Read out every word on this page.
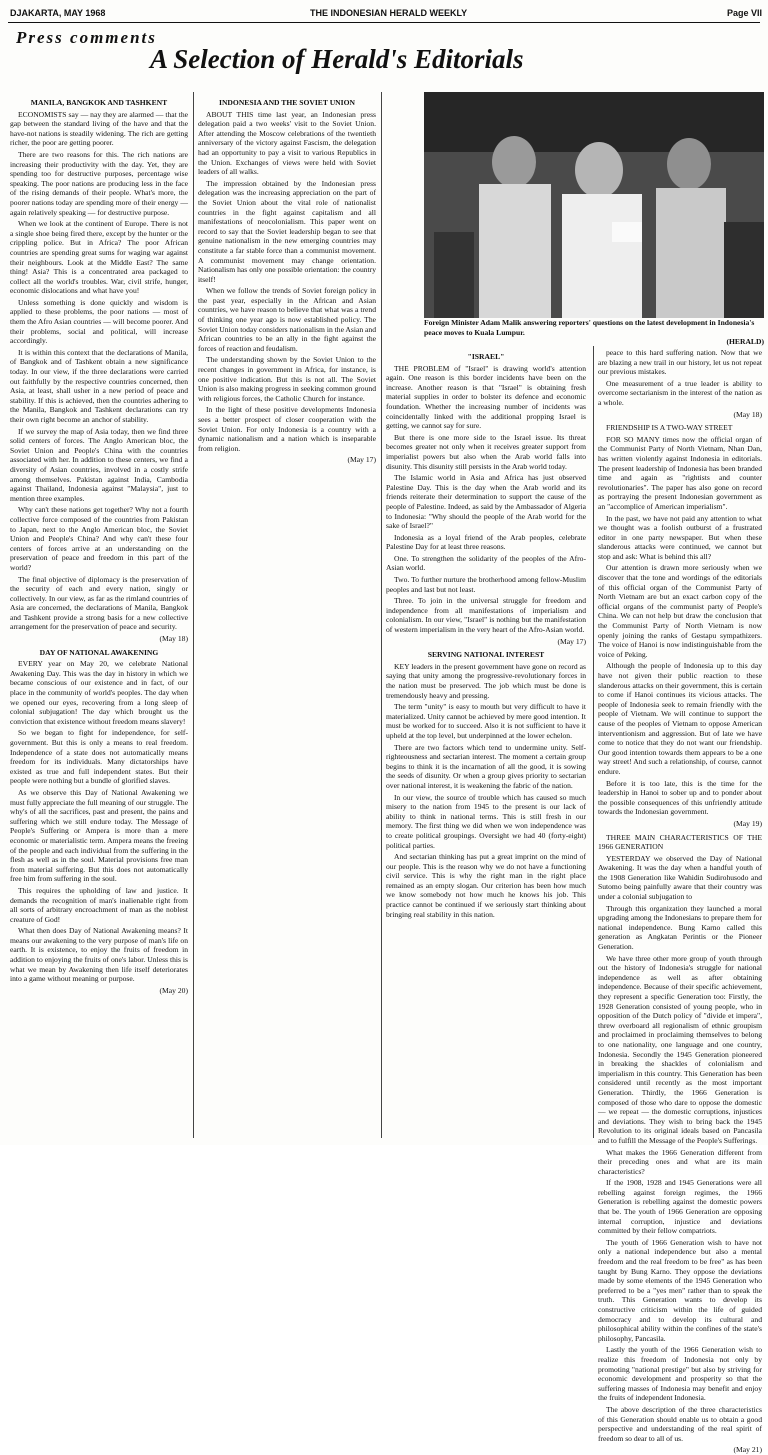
DJAKARTA, MAY 1968	THE INDONESIAN HERALD WEEKLY	Page VII
Press comments
A Selection of Herald's Editorials

MANILA, BANGKOK AND TASHKENT

ECONOMISTS say — nay they are alarmed — that the gap between the standard living of the have and that the have-not nations is steadily widening. The rich are getting richer, the poor are getting poorer.

There are two reasons for this. The rich nations are increasing their productivity with the day. Yet, they are spending too for destructive purposes, percentage wise speaking. The poor nations are producing less in the face of the rising demands of their people. What's more, the poorer nations today are spending more of their energy — again relatively speaking — for destructive purpose.

When we look at the continent of Europe. There is not a single shoe being fired there, except by the hunter or the crippling police. But in Africa? The poor African countries are spending great sums for waging war against their neighbours. Look at the Middle East? The same thing! Asia? This is a concentrated area packaged to collect all the world's troubles. War, civil strife, hunger, economic dislocations and what have you!

Unless something is done quickly and wisdom is applied to these problems, the poor nations — most of them the Afro Asian countries — will become poorer. And their problems, social and political, will increase accordingly.

It is within this context that the declarations of Manila, of Bangkok and of Tashkent obtain a new significance today. In our view, if the three declarations were carried out faithfully by the respective countries concerned, then Asia, at least, shall usher in a new period of peace and stability. If this is achieved, then the countries adhering to the Manila, Bangkok and Tashkent declarations can try their own right become an anchor of stability.

If we survey the map of Asia today, then we find three solid centers of forces. The Anglo American bloc, the Soviet Union and People's China with the countries associated with her. In addition to these centers, we find a diversity of Asian countries, involved in a costly strife among themselves. Pakistan against India, Cambodia against Thailand, Indonesia against "Malaysia", just to mention three examples.

Why can't these nations get together? Why not a fourth collective force composed of the countries from Pakistan to Japan, next to the Anglo American bloc, the Soviet Union and People's China? And why can't these four centers of forces arrive at an understanding on the preservation of peace and freedom in this part of the world?

The final objective of diplomacy is the preservation of the security of each and every nation, singly or collectively. In our view, as far as the rimland countries of Asia are concerned, the declarations of Manila, Bangkok and Tashkent provide a strong basis for a new collective arrangement for the preservation of peace and security.

(May 18)

DAY OF NATIONAL AWAKENING

EVERY year on May 20, we celebrate National Awakening Day. This was the day in history in which we became conscious of our existence and in fact, of our place in the community of world's peoples. The day when we opened our eyes, recovering from a long sleep of colonial subjugation! The day which brought us the conviction that existence without freedom means slavery!

So we began to fight for independence, for self-government. But this is only a means to real freedom. Independence of a state does not automatically means freedom for its individuals. Many dictatorships have existed as true and full independent states. But their people were nothing but a bundle of glorified slaves.

As we observe this Day of National Awakening we must fully appreciate the full meaning of our struggle. The why's of all the sacrifices, past and present, the pains and suffering which we still endure today. The Message of People's Suffering or Ampera is more than a mere economic or materialistic term. Ampera means the freeing of the people and each individual from the suffering in the flesh as well as in the soul. Material provisions free man from material suffering. But this does not automatically free him from suffering in the soul.

This requires the upholding of law and justice. It demands the recognition of man's inalienable right from all sorts of arbitrary encroachment of man as the noblest creature of God!

What then does Day of National Awakening means? It means our awakening to the very purpose of man's life on earth. It is existence, to enjoy the fruits of freedom in addition to enjoying the fruits of one's labor. Unless this is what we mean by Awakening then life itself deteriorates into a game without meaning or purpose.

(May 20)

INDONESIA AND THE SOVIET UNION

ABOUT THIS time last year, an Indonesian press delegation paid a two weeks' visit to the Soviet Union. After attending the Moscow celebrations of the twentieth anniversary of the victory against Fascism, the delegation had an opportunity to pay a visit to various Republics in the Union. Exchanges of views were held with Soviet leaders of all walks.

The impression obtained by the Indonesian press delegation was the increasing appreciation on the part of the Soviet Union about the vital role of nationalist countries in the fight against capitalism and all manifestations of neocolonialism. This paper went on record to say that the Soviet leadership began to see that genuine nationalism in the new emerging countries may constitute a far stable force than a communist movement. A communist movement may change orientation. Nationalism has only one possible orientation: the country itself!

When we follow the trends of Soviet foreign policy in the past year, especially in the African and Asian countries, we have reason to believe that what was a trend of thinking one year ago is now established policy. The Soviet Union today considers nationalism in the Asian and African countries to be an ally in the fight against the forces of reaction and feudalism.

The understanding shown by the Soviet Union to the recent changes in government in Africa, for instance, is one positive indication. But this is not all. The Soviet Union is also making progress in seeking common ground with religious forces, the Catholic Church for instance.

In the light of these positive developments Indonesia sees a better prospect of closer cooperation with the Soviet Union. For only Indonesia is a country with a dynamic nationalism and a nation which is inseparable from religion.

(May 17)

Foreign Minister Adam Malik answering reporters' questions on the latest development in Indonesia's peace moves to Kuala Lumpur.
(HERALD)

"ISRAEL"

THE PROBLEM of "Israel" is drawing world's attention again. One reason is this border incidents have been on the increase. Another reason is that "Israel" is obtaining fresh material supplies in order to bolster its defence and economic foundation. Whether the increasing number of incidents was coincidentally linked with the additional propping Israel is getting, we cannot say for sure.

But there is one more side to the Israel issue. Its threat becomes greater not only when it receives greater support from imperialist powers but also when the Arab world falls into disunity. This disunity still persists in the Arab world today.

The Islamic world in Asia and Africa has just observed Palestine Day. This is the day when the Arab world and its friends reiterate their determination to support the cause of the people of Palestine. Indeed, as said by the Ambassador of Algeria to Indonesia: "Why should the people of the Arab world for the sake of Israel?"

Indonesia as a loyal friend of the Arab peoples, celebrate Palestine Day for at least three reasons.

One. To strengthen the solidarity of the peoples of the Afro-Asian world.

Two. To further nurture the brotherhood among fellow-Muslim peoples and last but not least.

Three. To join in the universal struggle for freedom and independence from all manifestations of imperialism and colonialism. In our view, "Israel" is nothing but the manifestation of western imperialism in the very heart of the Afro-Asian world.

(May 17)

SERVING NATIONAL INTEREST

KEY leaders in the present government have gone on record as saying that unity among the progressive-revolutionary forces in the nation must be preserved. The job which must be done is tremendously heavy and pressing.

The term "unity" is easy to mouth but very difficult to have it materialized. Unity cannot be achieved by mere good intention. It must be worked for to succeed. Also it is not sufficient to have it upheld at the top level, but underpinned at the lower echelon.

There are two factors which tend to undermine unity. Self-righteousness and sectarian interest. The moment a certain group begins to think it is the incarnation of all the good, it is sowing the seeds of disunity. Or when a group gives priority to sectarian over national interest, it is weakening the fabric of the nation.

In our view, the source of trouble which has caused so much misery to the nation from 1945 to the present is our lack of ability to think in national terms. This is still fresh in our memory. The first thing we did when we won independence was to create political groupings. Oversight we had 40 (forty-eight) political parties.

And sectarian thinking has put a great imprint on the mind of our people. This is the reason why we do not have a functioning civil service. This is why the right man in the right place remained as an empty slogan. Our criterion has been how much we know somebody not how much he knows his job. This practice cannot be continued if we seriously start thinking about bringing real stability in this nation.

peace to this hard suffering nation. Now that we are blazing a new trail in our history, let us not repeat our previous mistakes.

One measurement of a true leader is ability to overcome sectarianism in the interest of the nation as a whole.

(May 18)

FRIENDSHIP IS A TWO-WAY STREET

FOR SO MANY times now the official organ of the Communist Party of North Vietnam, Nhan Dan, has written violently against Indonesia in editorials. The present leadership of Indonesia has been branded time and again as "rightists and counter revolutionaries". The paper has also gone on record as portraying the present Indonesian government as an "accomplice of American imperialism".

In the past, we have not paid any attention to what we thought was a foolish outburst of a frustrated editor in one party newspaper. But when these slanderous attacks were continued, we cannot but stop and ask: What is behind this all?

Our attention is drawn more seriously when we discover that the tone and wordings of the editorials of this official organ of the Communist Party of North Vietnam are but an exact carbon copy of the official organs of the communist party of People's China. We can not help but draw the conclusion that the Communist Party of North Vietnam is now openly joining the ranks of Gestapu sympathizers. The voice of Hanoi is now indistinguishable from the voice of Peking.

Although the people of Indonesia up to this day have not given their public reaction to these slanderous attacks on their government, this is certain to come if Hanoi continues its vicious attacks. The people of Indonesia seek to remain friendly with the people of Vietnam. We will continue to support the cause of the peoples of Vietnam to oppose American interventionism and aggression. But of late we have come to notice that they do not want our friendship. Our good intention towards them appears to be a one way street! And such a relationship, of course, cannot endure.

Before it is too late, this is the time for the leadership in Hanoi to sober up and to ponder about the possible consequences of this unfriendly attitude towards the Indonesian government.

(May 19)

THREE MAIN CHARACTERISTICS OF THE 1966 GENERATION

YESTERDAY we observed the Day of National Awakening. It was the day when a handful youth of the 1908 Generation like Wahidin Sudirohusodo and Sutomo being painfully aware that their country was under a colonial subjugation to

Through this organization they launched a moral upgrading among the Indonesians to prepare them for national independence. Bung Karno called this generation as Angkatan Perintis or the Pioneer Generation.

We have three other more group of youth through out the history of Indonesia's struggle for national independence as well as after obtaining independence. Because of their specific achievement, they represent a specific Generation too: Firstly, the 1928 Generation consisted of young people, who in opposition of the Dutch policy of "divide et impera", threw overboard all regionalism of ethnic groupism and proclaimed in proclaiming themselves to belong to one nationality, one language and one country, Indonesia. Secondly the 1945 Generation pioneered in breaking the shackles of colonialism and imperialism in this country. This Generation has been considered until recently as the most important Generation. Thirdly, the 1966 Generation is composed of those who dare to oppose the domestic — we repeat — the domestic corruptions, injustices and deviations. They wish to bring back the 1945 Revolution to its original ideals based on Pancasila and to fulfill the Message of the People's Sufferings.

What makes the 1966 Generation different from their preceding ones and what are its main characteristics?

If the 1908, 1928 and 1945 Generations were all rebelling against foreign regimes, the 1966 Generation is rebelling against the domestic powers that be. The youth of 1966 Generation are opposing internal corruption, injustice and deviations committed by their fellow compatriots.

The youth of 1966 Generation wish to have not only a national independence but also a mental freedom and the real freedom to be free" as has been taught by Bung Karno. They oppose the deviations made by some elements of the 1945 Generation who preferred to be a "yes men" rather than to speak the truth. This Generation wants to develop its constructive criticism within the life of guided democracy and to develop its cultural and philosophical ability within the confines of the state's philosophy, Pancasila.

Lastly the youth of the 1966 Generation wish to realize this freedom of Indonesia not only by promoting "national prestige" but also by striving for economic development and prosperity so that the suffering masses of Indonesia may benefit and enjoy the fruits of independent Indonesia.

The above description of the three characteristics of this Generation should enable us to obtain a good perspective and understanding of the real spirit of freedom so dear to all of us.

(May 21)
